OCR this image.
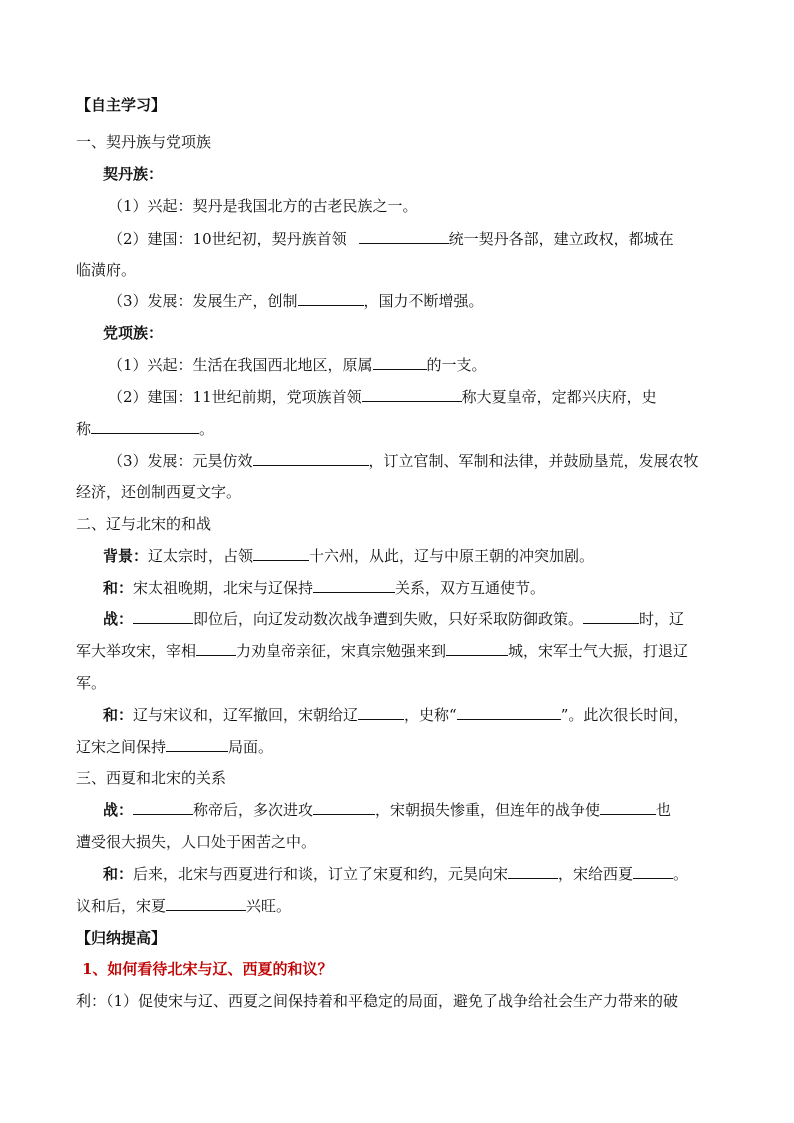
【自主学习】
一、契丹族与党项族
契丹族：
（1）兴起：契丹是我国北方的古老民族之一。
（2）建国：10世纪初，契丹族首领	统一契丹各部，建立政权，都城在
临潢府。
（3）发展：发展生产，创制	，国力不断增强。
党项族：
（1）兴起：生活在我国西北地区，原属	的一支。
（2）建国：11世纪前期，党项族首领	称大夏皇帝，定都兴庆府，史
称	。
（3）发展：元昊仿效	，订立官制、军制和法律，并鼓励垦荒，发展农牧
经济，还创制西夏文字。
二、辽与北宋的和战
背景：辽太宗时，占领	十六州，从此，辽与中原王朝的冲突加剧。
和：宋太祖晚期，北宋与辽保持	关系，双方互通使节。
战：	即位后，向辽发动数次战争遭到失败，只好采取防御政策。	时，辽
军大举攻宋，宰相	力劝皇帝亲征，宋真宗勉强来到	城，宋军士气大振，打退辽
军。
和：辽与宋议和，辽军撤回，宋朝给辽	，史称“	”。此次很长时间，
辽宋之间保持	局面。
三、西夏和北宋的关系
战：	称帝后，多次进攻	，宋朝损失惨重，但连年的战争使	也
遭受很大损失，人口处于困苦之中。
和：后来，北宋与西夏进行和谈，订立了宋夏和约，元昊向宋	，宋给西夏	。
议和后，宋夏	兴旺。
【归纳提高】
1、如何看待北宋与辽、西夏的和议？
利：（1）促使宋与辽、西夏之间保持着和平稳定的局面，避免了战争给社会生产力带来的破
